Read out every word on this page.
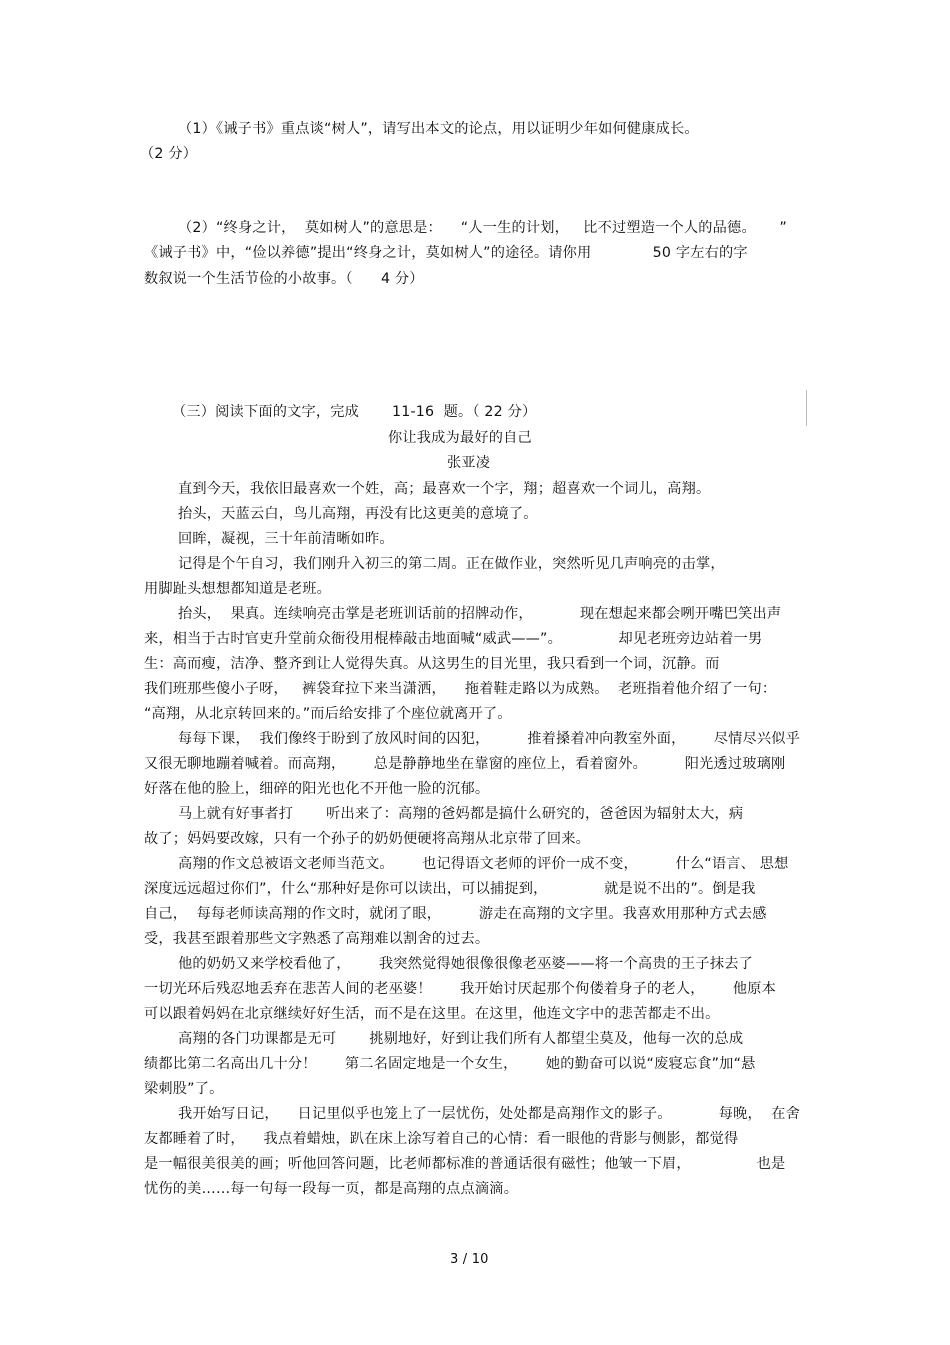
（1）《诫子书》重点谈“树人”，请写出本文的论点，用以证明少年如何健康成长。
（2 分）
（2）“终身之计，  莫如树人”的意思是：    “人一生的计划，   比不过塑造一个人的品德。     ”
《诫子书》中，“俭以养德”提出“终身之计，莫如树人”的途径。请你用             50 字左右的字
数叙说一个生活节俭的小故事。（      4 分）
（三）阅读下面的文字，完成       11-16  题。（ 22 分）
你让我成为最好的自己
张亚凌
直到今天，我依旧最喜欢一个姓，高；最喜欢一个字，翔；超喜欢一个词儿，高翔。
抬头，天蓝云白，鸟儿高翔，再没有比这更美的意境了。
回眸，凝视，三十年前清晰如昨。
记得是个午自习，我们刚升入初三的第二周。正在做作业，突然听见几声响亮的击掌，
用脚趾头想想都知道是老班。
抬头，  果真。连续响亮击掌是老班训话前的招牌动作，          现在想起来都会咧开嘴巴笑出声
来，相当于古时官吏升堂前众衙役用棍棒敲击地面喊“威武——”。            却见老班旁边站着一男
生：高而瘦，洁净、整齐到让人觉得失真。从这男生的目光里，我只看到一个词，沉静。而
我们班那些傻小子呀，   裤袋耷拉下来当潇洒，    拖着鞋走路以为成熟。  老班指着他介绍了一句：
“高翔，从北京转回来的。”而后给安排了个座位就离开了。
每每下课，  我们像终于盼到了放风时间的囚犯，        推着搡着冲向教室外面，      尽情尽兴似乎
又很无聊地蹦着喊着。而高翔，      总是静静地坐在靠窗的座位上，看着窗外。        阳光透过玻璃刚
好落在他的脸上，细碎的阳光也化不开他一脸的沉郁。
马上就有好事者打       听出来了：高翔的爸妈都是搞什么研究的，爸爸因为辐射太大，病
故了；妈妈要改嫁，只有一个孙子的奶奶便硬将高翔从北京带了回来。
高翔的作文总被语文老师当范文。      也记得语文老师的评价一成不变，        什么“语言、 思想
深度远远超过你们”，什么“那种好是你可以读出，可以捕捉到，            就是说不出的”。倒是我
自己，  每每老师读高翔的作文时，就闭了眼，        游走在高翔的文字里。我喜欢用那种方式去感
受，我甚至跟着那些文字熟悉了高翔难以割舍的过去。
他的奶奶又来学校看他了，      我突然觉得她很像很像老巫婆——将一个高贵的王子抹去了
一切光环后残忍地丢弃在悲苦人间的老巫婆！      我开始讨厌起那个佝偻着身子的老人，      他原本
可以跟着妈妈在北京继续好好生活，而不是在这里。在这里，他连文字中的悲苦都走不出。
高翔的各门功课都是无可       挑剔地好，好到让我们所有人都望尘莫及，他每一次的总成
绩都比第二名高出几十分！      第二名固定地是一个女生，      她的勤奋可以说“废寝忘食”加“悬
梁刺股”了。
我开始写日记，    日记里似乎也笼上了一层忧伤，处处都是高翔作文的影子。          每晚，  在舍
友都睡着了时，    我点着蜡烛，趴在床上涂写着自己的心情：看一眼他的背影与侧影，都觉得
是一幅很美很美的画；听他回答问题，比老师都标准的普通话很有磁性；他皱一下眉，              也是
忧伤的美……每一句每一段每一页，都是高翔的点点滴滴。
3 / 10
